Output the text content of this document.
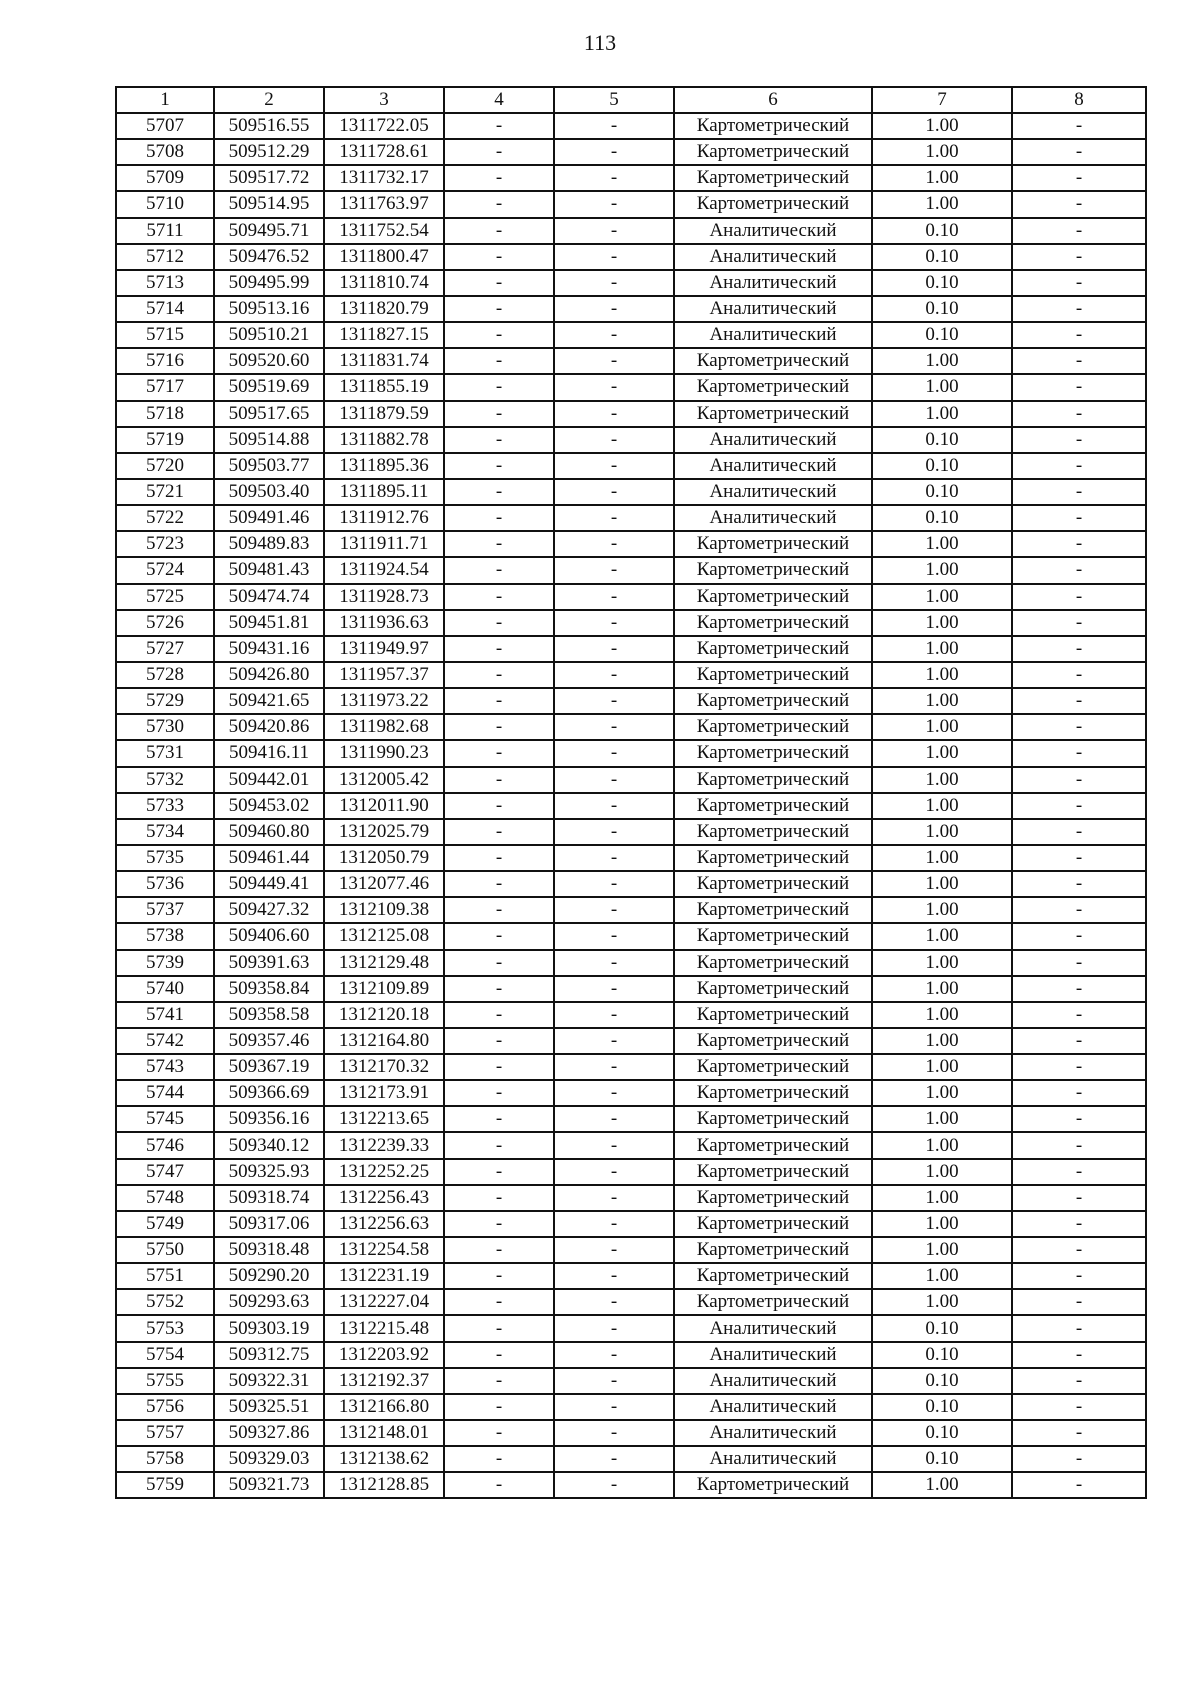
113
1	2	3	4	5	6	7	8
5707	509516.55	1311722.05	-	-	Картометрический	1.00	-
5708	509512.29	1311728.61	-	-	Картометрический	1.00	-
5709	509517.72	1311732.17	-	-	Картометрический	1.00	-
5710	509514.95	1311763.97	-	-	Картометрический	1.00	-
5711	509495.71	1311752.54	-	-	Аналитический	0.10	-
5712	509476.52	1311800.47	-	-	Аналитический	0.10	-
5713	509495.99	1311810.74	-	-	Аналитический	0.10	-
5714	509513.16	1311820.79	-	-	Аналитический	0.10	-
5715	509510.21	1311827.15	-	-	Аналитический	0.10	-
5716	509520.60	1311831.74	-	-	Картометрический	1.00	-
5717	509519.69	1311855.19	-	-	Картометрический	1.00	-
5718	509517.65	1311879.59	-	-	Картометрический	1.00	-
5719	509514.88	1311882.78	-	-	Аналитический	0.10	-
5720	509503.77	1311895.36	-	-	Аналитический	0.10	-
5721	509503.40	1311895.11	-	-	Аналитический	0.10	-
5722	509491.46	1311912.76	-	-	Аналитический	0.10	-
5723	509489.83	1311911.71	-	-	Картометрический	1.00	-
5724	509481.43	1311924.54	-	-	Картометрический	1.00	-
5725	509474.74	1311928.73	-	-	Картометрический	1.00	-
5726	509451.81	1311936.63	-	-	Картометрический	1.00	-
5727	509431.16	1311949.97	-	-	Картометрический	1.00	-
5728	509426.80	1311957.37	-	-	Картометрический	1.00	-
5729	509421.65	1311973.22	-	-	Картометрический	1.00	-
5730	509420.86	1311982.68	-	-	Картометрический	1.00	-
5731	509416.11	1311990.23	-	-	Картометрический	1.00	-
5732	509442.01	1312005.42	-	-	Картометрический	1.00	-
5733	509453.02	1312011.90	-	-	Картометрический	1.00	-
5734	509460.80	1312025.79	-	-	Картометрический	1.00	-
5735	509461.44	1312050.79	-	-	Картометрический	1.00	-
5736	509449.41	1312077.46	-	-	Картометрический	1.00	-
5737	509427.32	1312109.38	-	-	Картометрический	1.00	-
5738	509406.60	1312125.08	-	-	Картометрический	1.00	-
5739	509391.63	1312129.48	-	-	Картометрический	1.00	-
5740	509358.84	1312109.89	-	-	Картометрический	1.00	-
5741	509358.58	1312120.18	-	-	Картометрический	1.00	-
5742	509357.46	1312164.80	-	-	Картометрический	1.00	-
5743	509367.19	1312170.32	-	-	Картометрический	1.00	-
5744	509366.69	1312173.91	-	-	Картометрический	1.00	-
5745	509356.16	1312213.65	-	-	Картометрический	1.00	-
5746	509340.12	1312239.33	-	-	Картометрический	1.00	-
5747	509325.93	1312252.25	-	-	Картометрический	1.00	-
5748	509318.74	1312256.43	-	-	Картометрический	1.00	-
5749	509317.06	1312256.63	-	-	Картометрический	1.00	-
5750	509318.48	1312254.58	-	-	Картометрический	1.00	-
5751	509290.20	1312231.19	-	-	Картометрический	1.00	-
5752	509293.63	1312227.04	-	-	Картометрический	1.00	-
5753	509303.19	1312215.48	-	-	Аналитический	0.10	-
5754	509312.75	1312203.92	-	-	Аналитический	0.10	-
5755	509322.31	1312192.37	-	-	Аналитический	0.10	-
5756	509325.51	1312166.80	-	-	Аналитический	0.10	-
5757	509327.86	1312148.01	-	-	Аналитический	0.10	-
5758	509329.03	1312138.62	-	-	Аналитический	0.10	-
5759	509321.73	1312128.85	-	-	Картометрический	1.00	-
